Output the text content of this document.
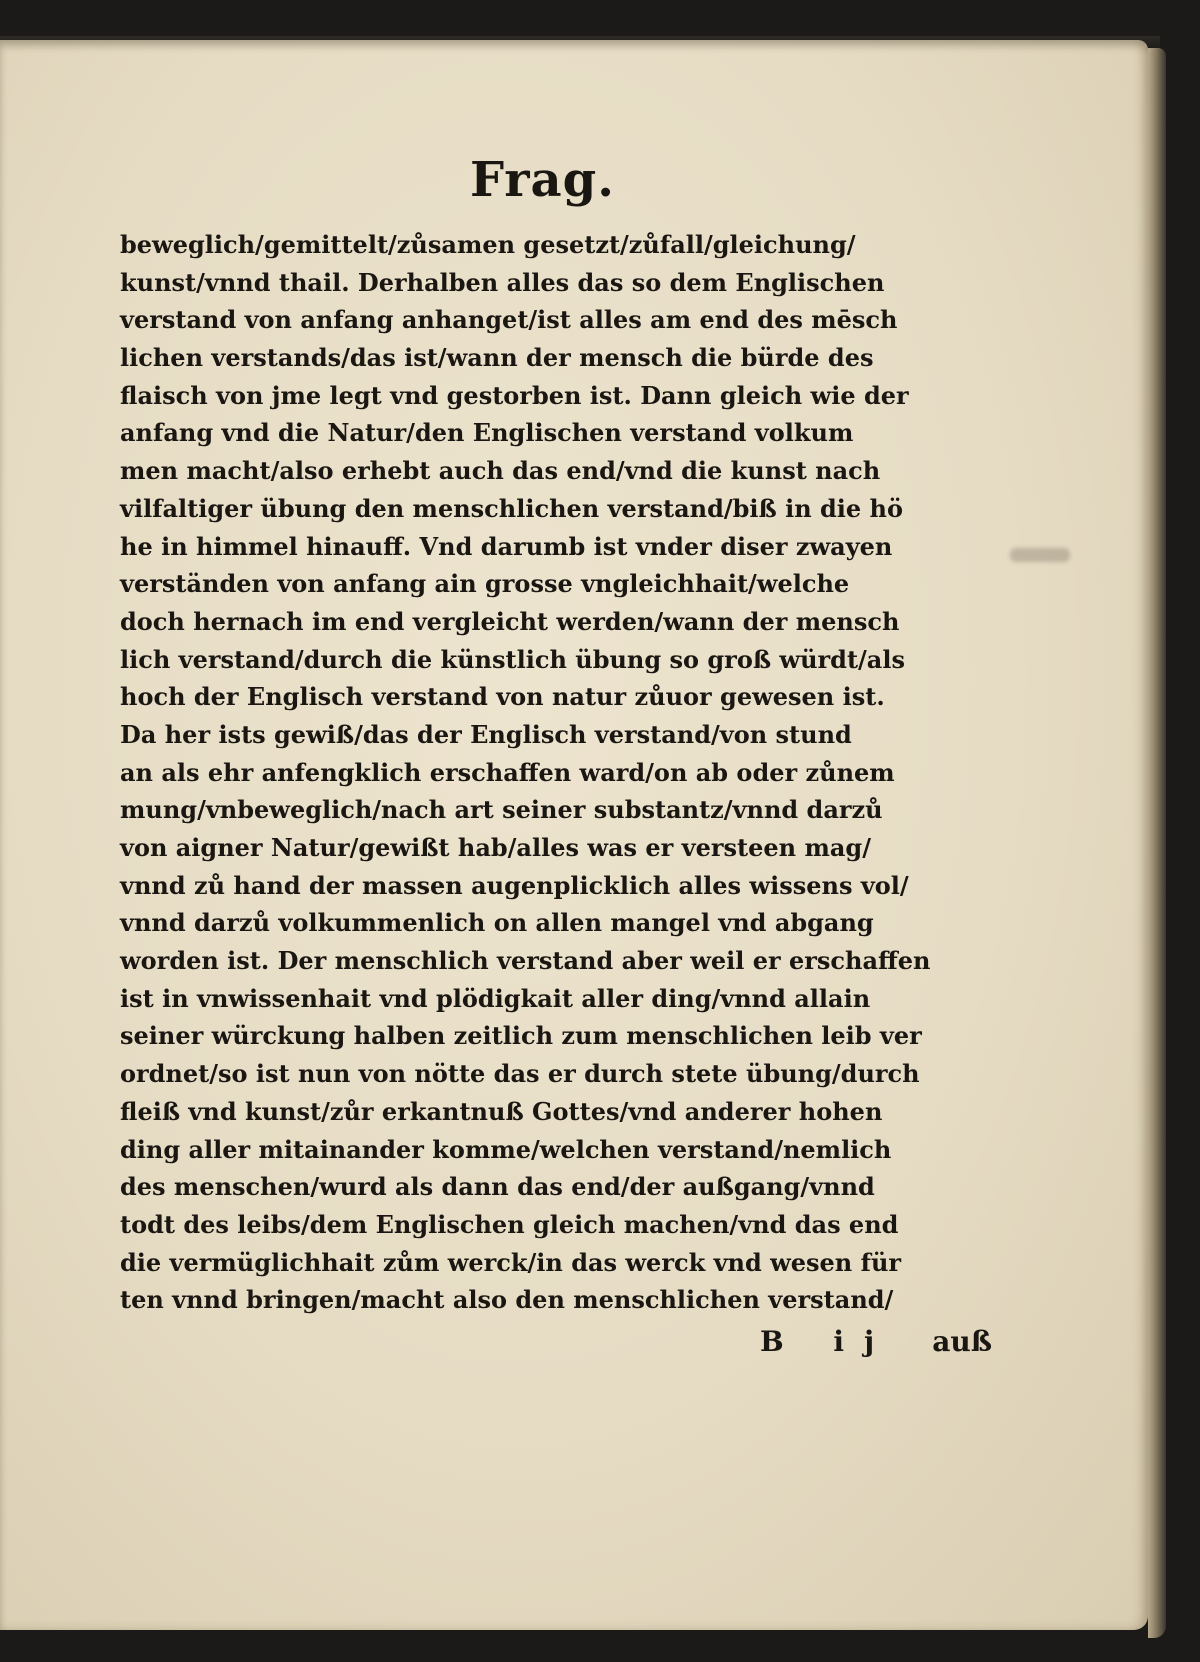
Frag.
beweglich/gemittelt/zůsamen gesetzt/zůfall/gleichung/
kunst/vnnd thail. Derhalben alles das so dem Englischen
verstand von anfang anhanget/ist alles am end des mēsch
lichen verstands/das ist/wann der mensch die bürde des
flaisch von jme legt vnd gestorben ist. Dann gleich wie der
anfang vnd die Natur/den Englischen verstand volkum
men macht/also erhebt auch das end/vnd die kunst nach
vilfaltiger übung den menschlichen verstand/biß in die hö
he in himmel hinauff. Vnd darumb ist vnder diser zwayen
verständen von anfang ain grosse vngleichhait/welche
doch hernach im end vergleicht werden/wann der mensch
lich verstand/durch die künstlich übung so groß würdt/als
hoch der Englisch verstand von natur zůuor gewesen ist.
Da her ists gewiß/das der Englisch verstand/von stund
an als ehr anfengklich erschaffen ward/on ab oder zůnem
mung/vnbeweglich/nach art seiner substantz/vnnd darzů
von aigner Natur/gewißt hab/alles was er versteen mag/
vnnd zů hand der massen augenplicklich alles wissens vol/
vnnd darzů volkummenlich on allen mangel vnd abgang
worden ist. Der menschlich verstand aber weil er erschaffen
ist in vnwissenhait vnd plödigkait aller ding/vnnd allain
seiner würckung halben zeitlich zum menschlichen leib ver
ordnet/so ist nun von nötte das er durch stete übung/durch
fleiß vnd kunst/zůr erkantnuß Gottes/vnd anderer hohen
ding aller mitainander komme/welchen verstand/nemlich
des menschen/wurd als dann das end/der außgang/vnnd
todt des leibs/dem Englischen gleich machen/vnd das end
die vermüglichhait zům werck/in das werck vnd wesen für
ten vnnd bringen/macht also den menschlichen verstand/
B ij auß
